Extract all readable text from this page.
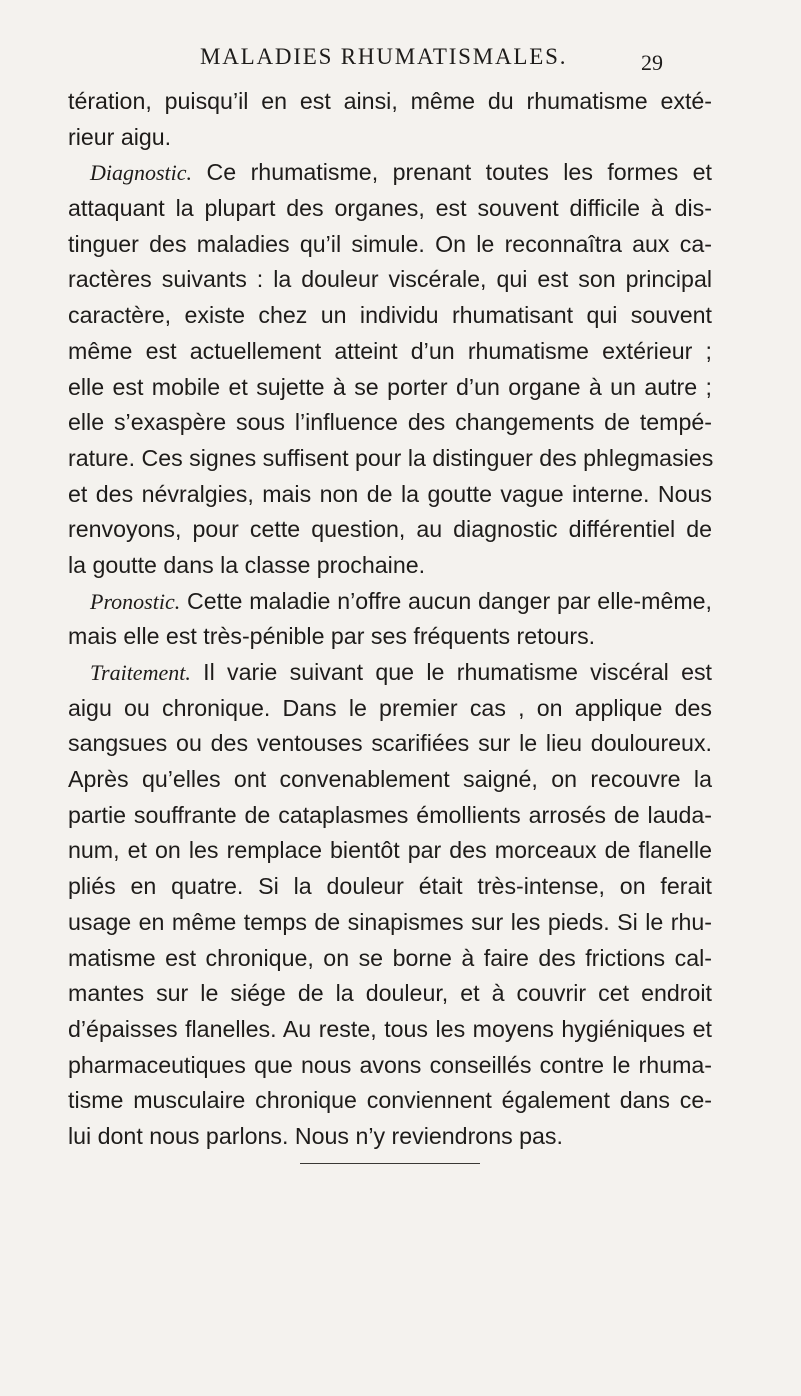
MALADIES RHUMATISMALES.	29
tération, puisqu’il en est ainsi, même du rhumatisme exté-
rieur aigu.
Diagnostic. Ce rhumatisme, prenant toutes les formes et
attaquant la plupart des organes, est souvent difficile à dis-
tinguer des maladies qu’il simule. On le reconnaîtra aux ca-
ractères suivants : la douleur viscérale, qui est son principal
caractère, existe chez un individu rhumatisant qui souvent
même est actuellement atteint d’un rhumatisme extérieur ;
elle est mobile et sujette à se porter d’un organe à un autre ;
elle s’exaspère sous l’influence des changements de tempé-
rature. Ces signes suffisent pour la distinguer des phlegmasies
et des névralgies, mais non de la goutte vague interne. Nous
renvoyons, pour cette question, au diagnostic différentiel de
la goutte dans la classe prochaine.
Pronostic. Cette maladie n’offre aucun danger par elle-même,
mais elle est très-pénible par ses fréquents retours.
Traitement. Il varie suivant que le rhumatisme viscéral est
aigu ou chronique. Dans le premier cas , on applique des
sangsues ou des ventouses scarifiées sur le lieu douloureux.
Après qu’elles ont convenablement saigné, on recouvre la
partie souffrante de cataplasmes émollients arrosés de lauda-
num, et on les remplace bientôt par des morceaux de flanelle
pliés en quatre. Si la douleur était très-intense, on ferait
usage en même temps de sinapismes sur les pieds. Si le rhu-
matisme est chronique, on se borne à faire des frictions cal-
mantes sur le siége de la douleur, et à couvrir cet endroit
d’épaisses flanelles. Au reste, tous les moyens hygiéniques et
pharmaceutiques que nous avons conseillés contre le rhuma-
tisme musculaire chronique conviennent également dans ce-
lui dont nous parlons. Nous n’y reviendrons pas.
